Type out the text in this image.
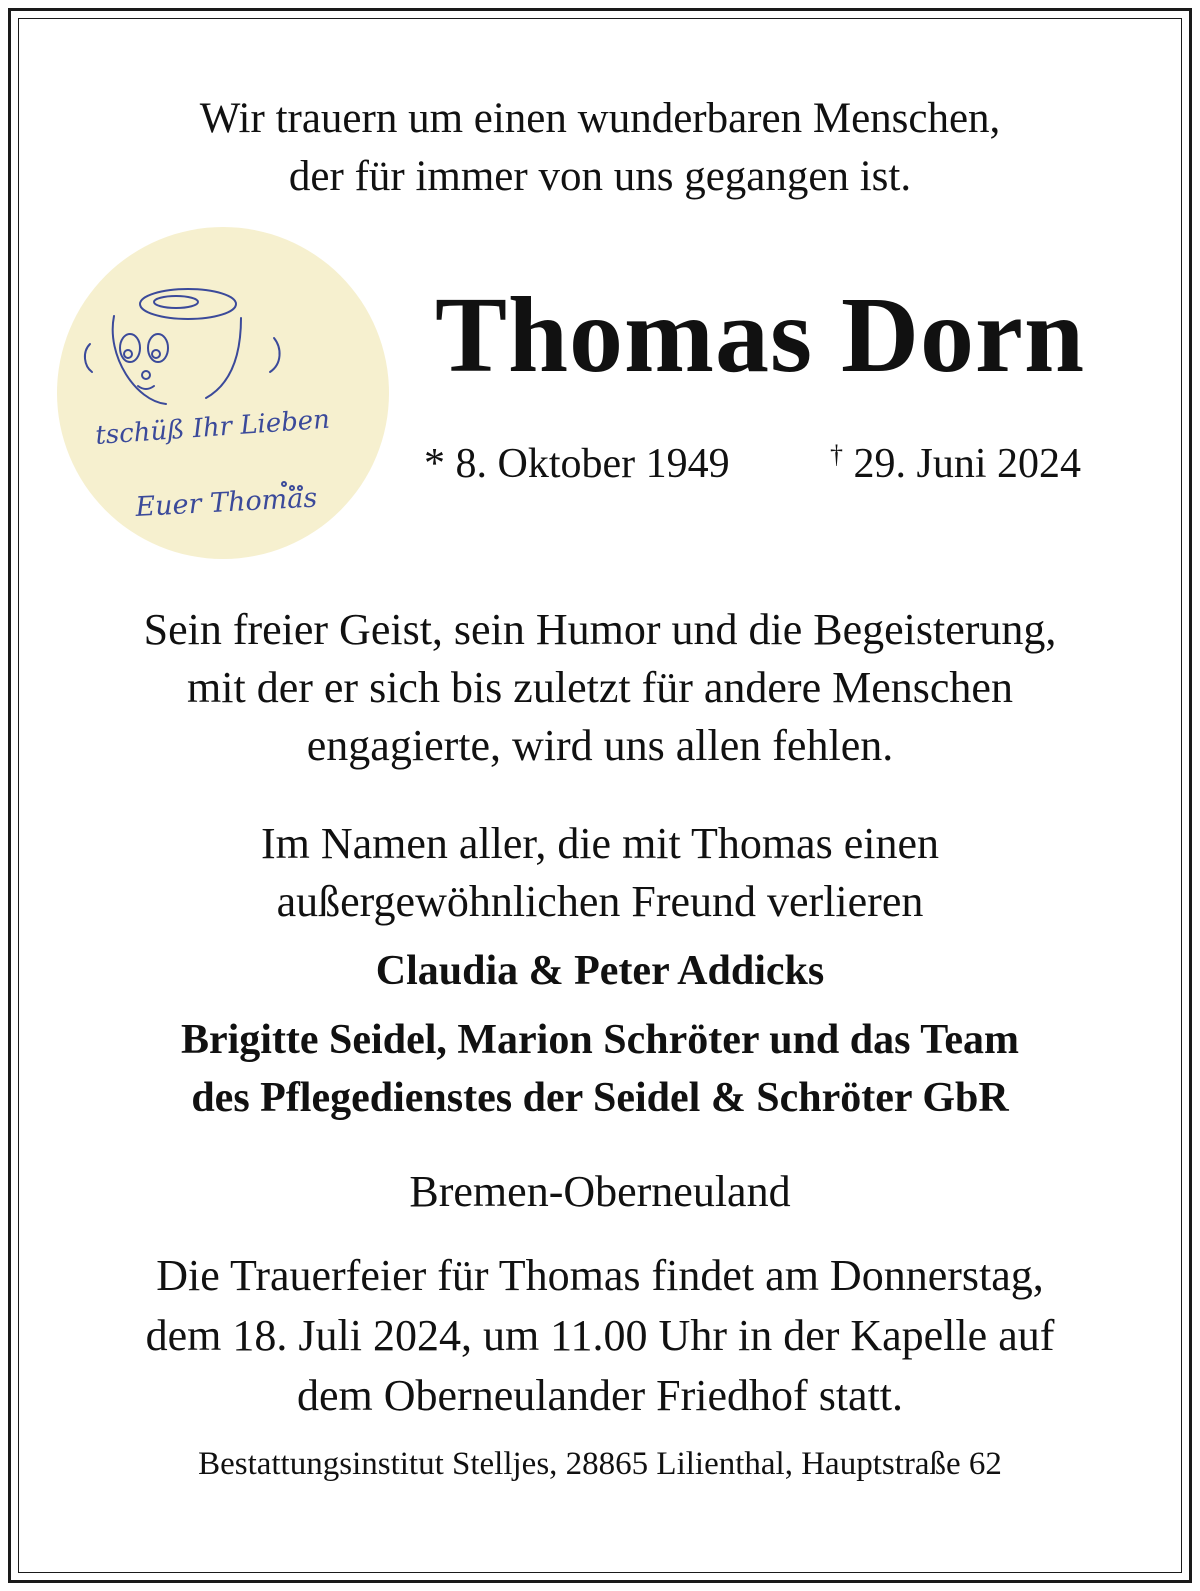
Wir trauern um einen wunderbaren Menschen,
der für immer von uns gegangen ist.
tschüß Ihr Lieben
Euer Thomas
Thomas Dorn
* 8. Oktober 1949	† 29. Juni 2024
Sein freier Geist, sein Humor und die Begeisterung,
mit der er sich bis zuletzt für andere Menschen
engagierte, wird uns allen fehlen.
Im Namen aller, die mit Thomas einen
außergewöhnlichen Freund verlieren
Claudia & Peter Addicks
Brigitte Seidel, Marion Schröter und das Team
des Pflegedienstes der Seidel & Schröter GbR
Bremen-Oberneuland
Die Trauerfeier für Thomas findet am Donnerstag,
dem 18. Juli 2024, um 11.00 Uhr in der Kapelle auf
dem Oberneulander Friedhof statt.
Bestattungsinstitut Stelljes, 28865 Lilienthal, Hauptstraße 62
